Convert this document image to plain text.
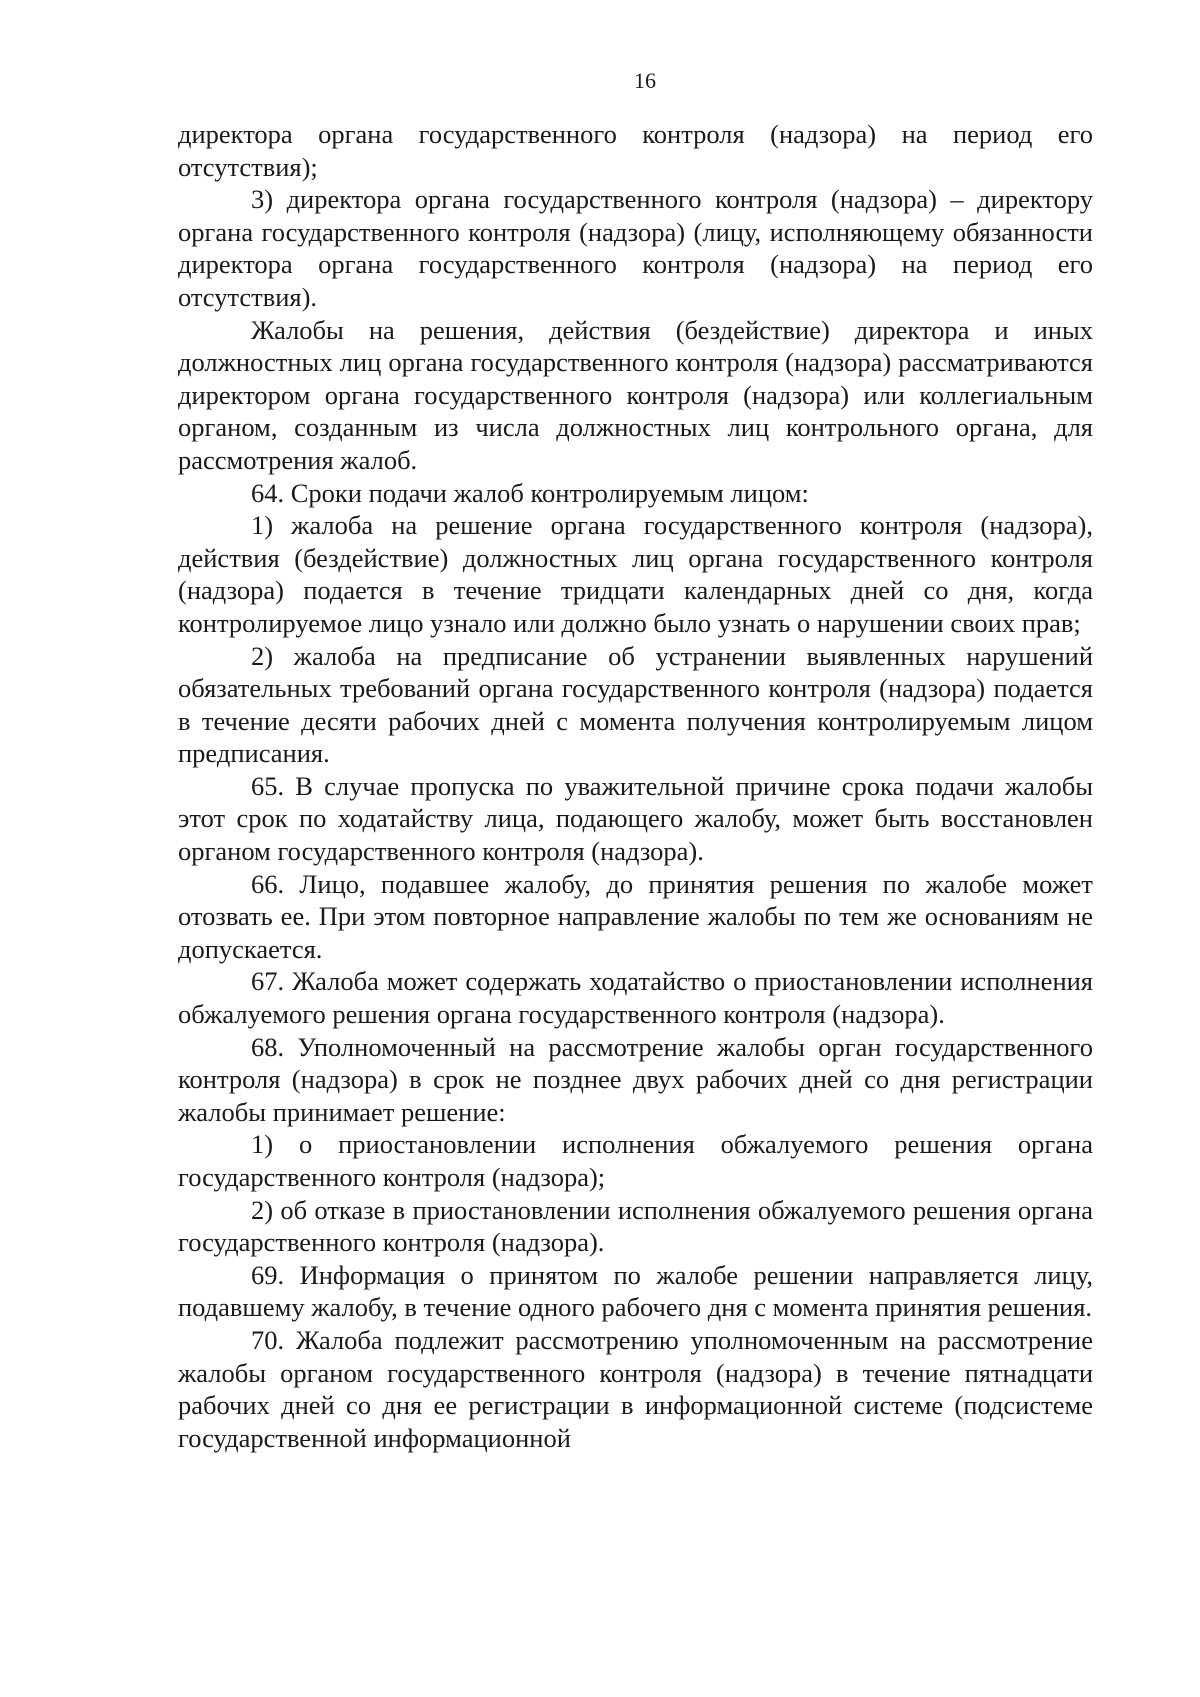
16

директора органа государственного контроля (надзора) на период его отсутствия);

3) директора органа государственного контроля (надзора) – директору органа государственного контроля (надзора) (лицу, исполняющему обязанности директора органа государственного контроля (надзора) на период его отсутствия).

Жалобы на решения, действия (бездействие) директора и иных должностных лиц органа государственного контроля (надзора) рассматриваются директором органа государственного контроля (надзора) или коллегиальным органом, созданным из числа должностных лиц контрольного органа, для рассмотрения жалоб.

64. Сроки подачи жалоб контролируемым лицом:

1) жалоба на решение органа государственного контроля (надзора), действия (бездействие) должностных лиц органа государственного контроля (надзора) подается в течение тридцати календарных дней со дня, когда контролируемое лицо узнало или должно было узнать о нарушении своих прав;

2) жалоба на предписание об устранении выявленных нарушений обязательных требований органа государственного контроля (надзора) подается в течение десяти рабочих дней с момента получения контролируемым лицом предписания.

65. В случае пропуска по уважительной причине срока подачи жалобы этот срок по ходатайству лица, подающего жалобу, может быть восстановлен органом государственного контроля (надзора).

66. Лицо, подавшее жалобу, до принятия решения по жалобе может отозвать ее. При этом повторное направление жалобы по тем же основаниям не допускается.

67. Жалоба может содержать ходатайство о приостановлении исполнения обжалуемого решения органа государственного контроля (надзора).

68. Уполномоченный на рассмотрение жалобы орган государственного контроля (надзора) в срок не позднее двух рабочих дней со дня регистрации жалобы принимает решение:

1) о приостановлении исполнения обжалуемого решения органа государственного контроля (надзора);

2) об отказе в приостановлении исполнения обжалуемого решения органа государственного контроля (надзора).

69. Информация о принятом по жалобе решении направляется лицу, подавшему жалобу, в течение одного рабочего дня с момента принятия решения.

70. Жалоба подлежит рассмотрению уполномоченным на рассмотрение жалобы органом государственного контроля (надзора) в течение пятнадцати рабочих дней со дня ее регистрации в информационной системе (подсистеме государственной информационной
